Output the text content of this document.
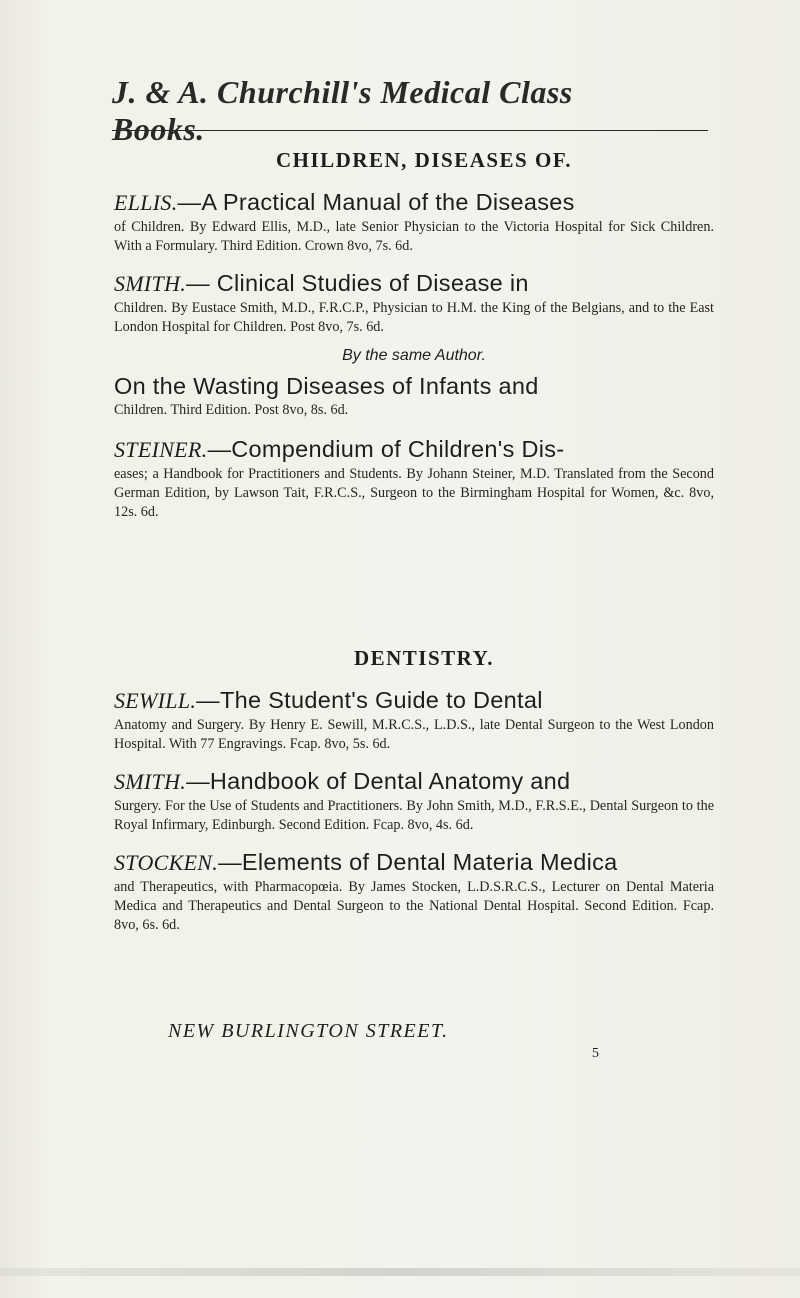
J. & A. Churchill's Medical Class Books.

CHILDREN, DISEASES OF.

ELLIS.—A Practical Manual of the Diseases

of Children. By Edward Ellis, M.D., late Senior Physician to the Victoria Hospital for Sick Children. With a Formulary. Third Edition. Crown 8vo, 7s. 6d.

SMITH.— Clinical Studies of Disease in

Children. By Eustace Smith, M.D., F.R.C.P., Physician to H.M. the King of the Belgians, and to the East London Hospital for Children. Post 8vo, 7s. 6d.

By the same Author.

On the Wasting Diseases of Infants and

Children. Third Edition. Post 8vo, 8s. 6d.

STEINER.—Compendium of Children's Dis-

eases; a Handbook for Practitioners and Students. By Johann Steiner, M.D. Translated from the Second German Edition, by Lawson Tait, F.R.C.S., Surgeon to the Birmingham Hospital for Women, &c. 8vo, 12s. 6d.

DENTISTRY.

SEWILL.—The Student's Guide to Dental

Anatomy and Surgery. By Henry E. Sewill, M.R.C.S., L.D.S., late Dental Surgeon to the West London Hospital. With 77 Engravings. Fcap. 8vo, 5s. 6d.

SMITH.—Handbook of Dental Anatomy and

Surgery. For the Use of Students and Practitioners. By John Smith, M.D., F.R.S.E., Dental Surgeon to the Royal Infirmary, Edinburgh. Second Edition. Fcap. 8vo, 4s. 6d.

STOCKEN.—Elements of Dental Materia Medica

and Therapeutics, with Pharmacopœia. By James Stocken, L.D.S.R.C.S., Lecturer on Dental Materia Medica and Therapeutics and Dental Surgeon to the National Dental Hospital. Second Edition. Fcap. 8vo, 6s. 6d.

NEW BURLINGTON STREET.

5
